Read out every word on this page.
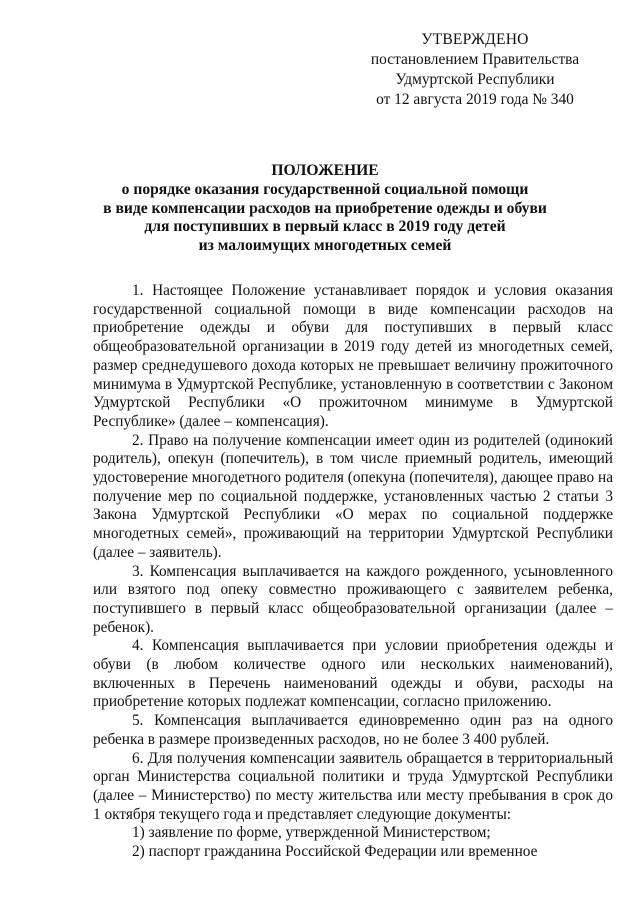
УТВЕРЖДЕНО
постановлением Правительства
Удмуртской Республики
от 12 августа 2019 года № 340
ПОЛОЖЕНИЕ
о порядке оказания государственной социальной помощи
в виде компенсации расходов на приобретение одежды и обуви
для поступивших в первый класс в 2019 году детей
из малоимущих многодетных семей

1. Настоящее Положение устанавливает порядок и условия оказания государственной социальной помощи в виде компенсации расходов на приобретение одежды и обуви для поступивших в первый класс общеобразовательной организации в 2019 году детей из многодетных семей, размер среднедушевого дохода которых не превышает величину прожиточного минимума в Удмуртской Республике, установленную в соответствии с Законом Удмуртской Республики «О прожиточном минимуме в Удмуртской Республике» (далее – компенсация).

2. Право на получение компенсации имеет один из родителей (одинокий родитель), опекун (попечитель), в том числе приемный родитель, имеющий удостоверение многодетного родителя (опекуна (попечителя), дающее право на получение мер по социальной поддержке, установленных частью 2 статьи 3 Закона Удмуртской Республики «О мерах по социальной поддержке многодетных семей», проживающий на территории Удмуртской Республики (далее – заявитель).

3. Компенсация выплачивается на каждого рожденного, усыновленного или взятого под опеку совместно проживающего с заявителем ребенка, поступившего в первый класс общеобразовательной организации (далее – ребенок).

4. Компенсация выплачивается при условии приобретения одежды и обуви (в любом количестве одного или нескольких наименований), включенных в Перечень наименований одежды и обуви, расходы на приобретение которых подлежат компенсации, согласно приложению.

5. Компенсация выплачивается единовременно один раз на одного ребенка в размере произведенных расходов, но не более 3 400 рублей.

6. Для получения компенсации заявитель обращается в территориальный орган Министерства социальной политики и труда Удмуртской Республики (далее – Министерство) по месту жительства или месту пребывания в срок до 1 октября текущего года и представляет следующие документы:

1) заявление по форме, утвержденной Министерством;

2) паспорт гражданина Российской Федерации или временное
